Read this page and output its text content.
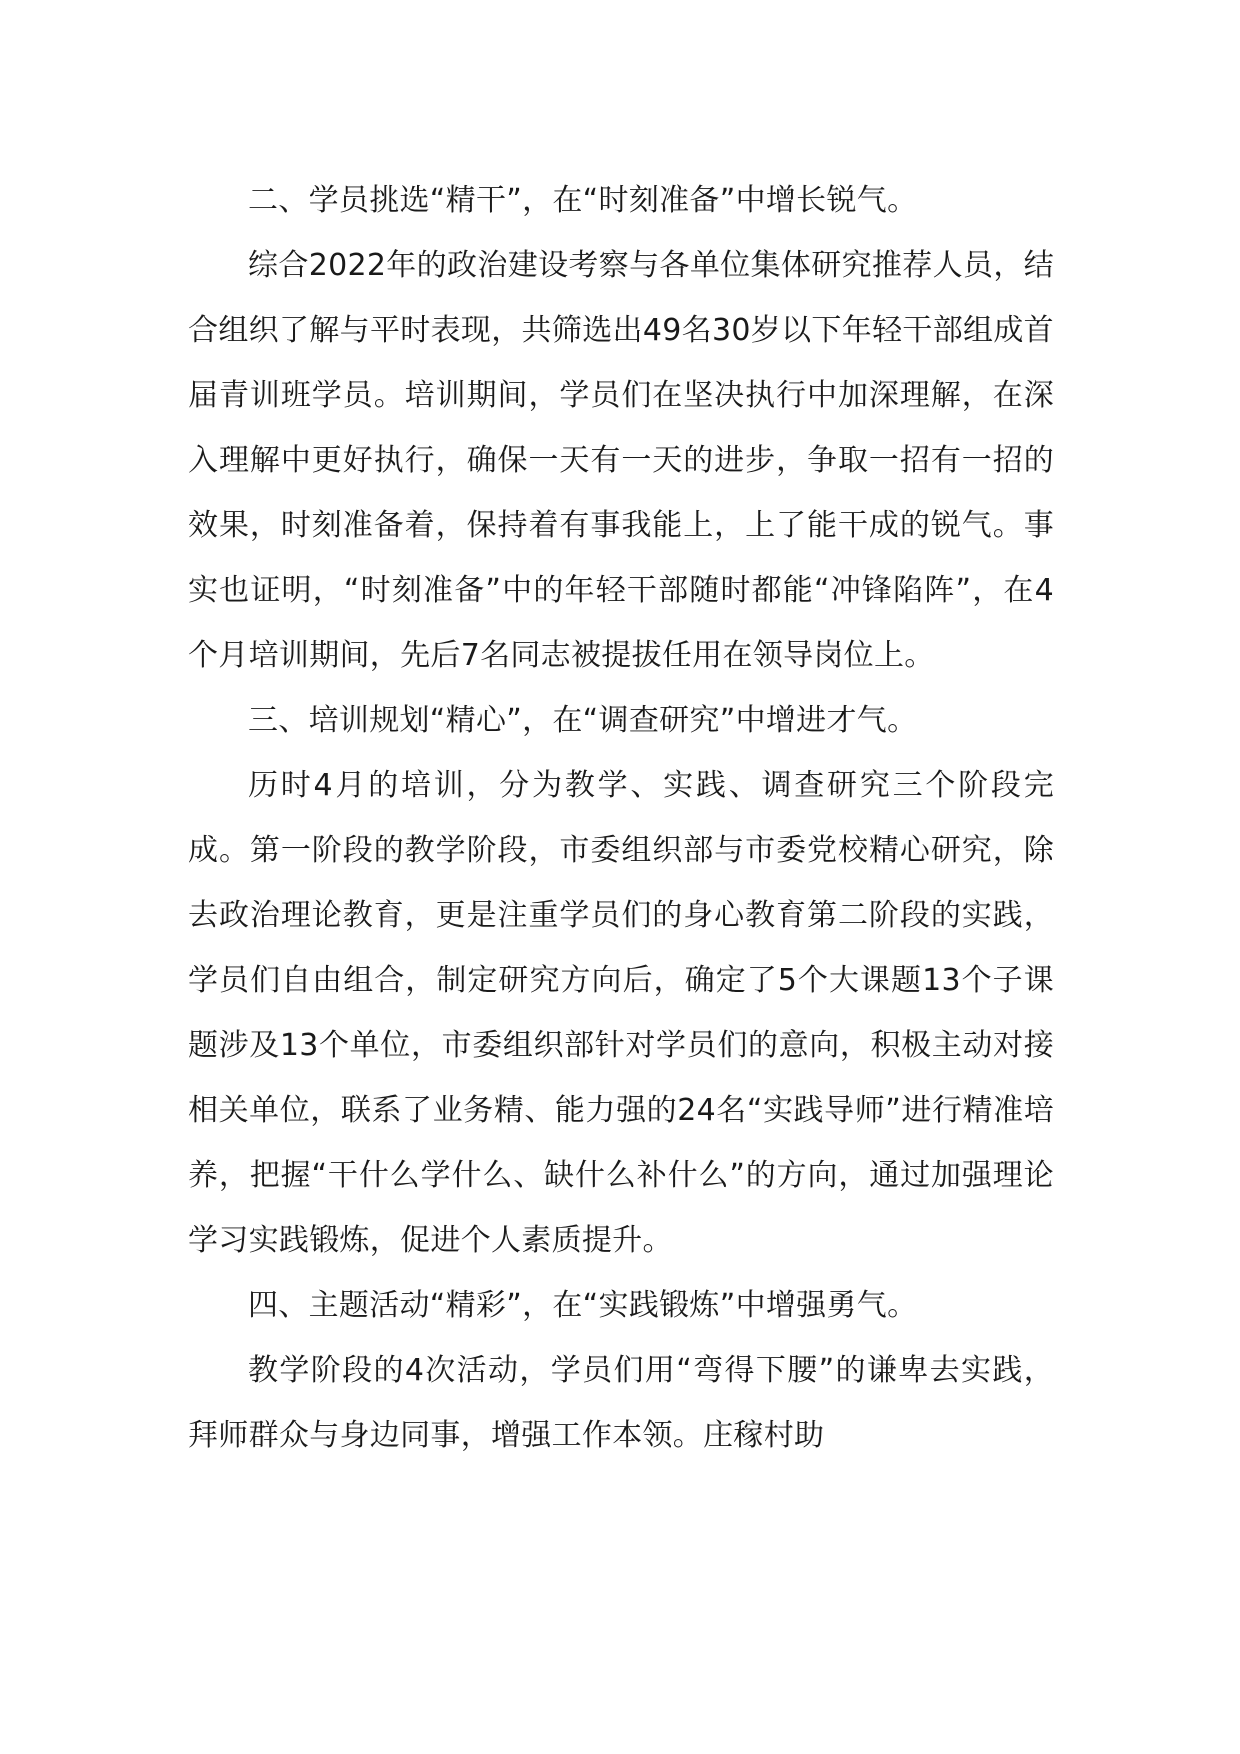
二、学员挑选“精干”，在“时刻准备”中增长锐气。

综合2022年的政治建设考察与各单位集体研究推荐人员，结合组织了解与平时表现，共筛选出49名30岁以下年轻干部组成首届青训班学员。培训期间，学员们在坚决执行中加深理解，在深入理解中更好执行，确保一天有一天的进步，争取一招有一招的效果，时刻准备着，保持着有事我能上，上了能干成的锐气。事实也证明，“时刻准备”中的年轻干部随时都能“冲锋陷阵”，在4个月培训期间，先后7名同志被提拔任用在领导岗位上。

三、培训规划“精心”，在“调查研究”中增进才气。

历时4月的培训，分为教学、实践、调查研究三个阶段完成。第一阶段的教学阶段，市委组织部与市委党校精心研究，除去政治理论教育，更是注重学员们的身心教育第二阶段的实践，学员们自由组合，制定研究方向后，确定了5个大课题13个子课题涉及13个单位，市委组织部针对学员们的意向，积极主动对接相关单位，联系了业务精、能力强的24名“实践导师”进行精准培养，把握“干什么学什么、缺什么补什么”的方向，通过加强理论学习实践锻炼，促进个人素质提升。

四、主题活动“精彩”，在“实践锻炼”中增强勇气。

教学阶段的4次活动，学员们用“弯得下腰”的谦卑去实践，拜师群众与身边同事，增强工作本领。庄稼村助
